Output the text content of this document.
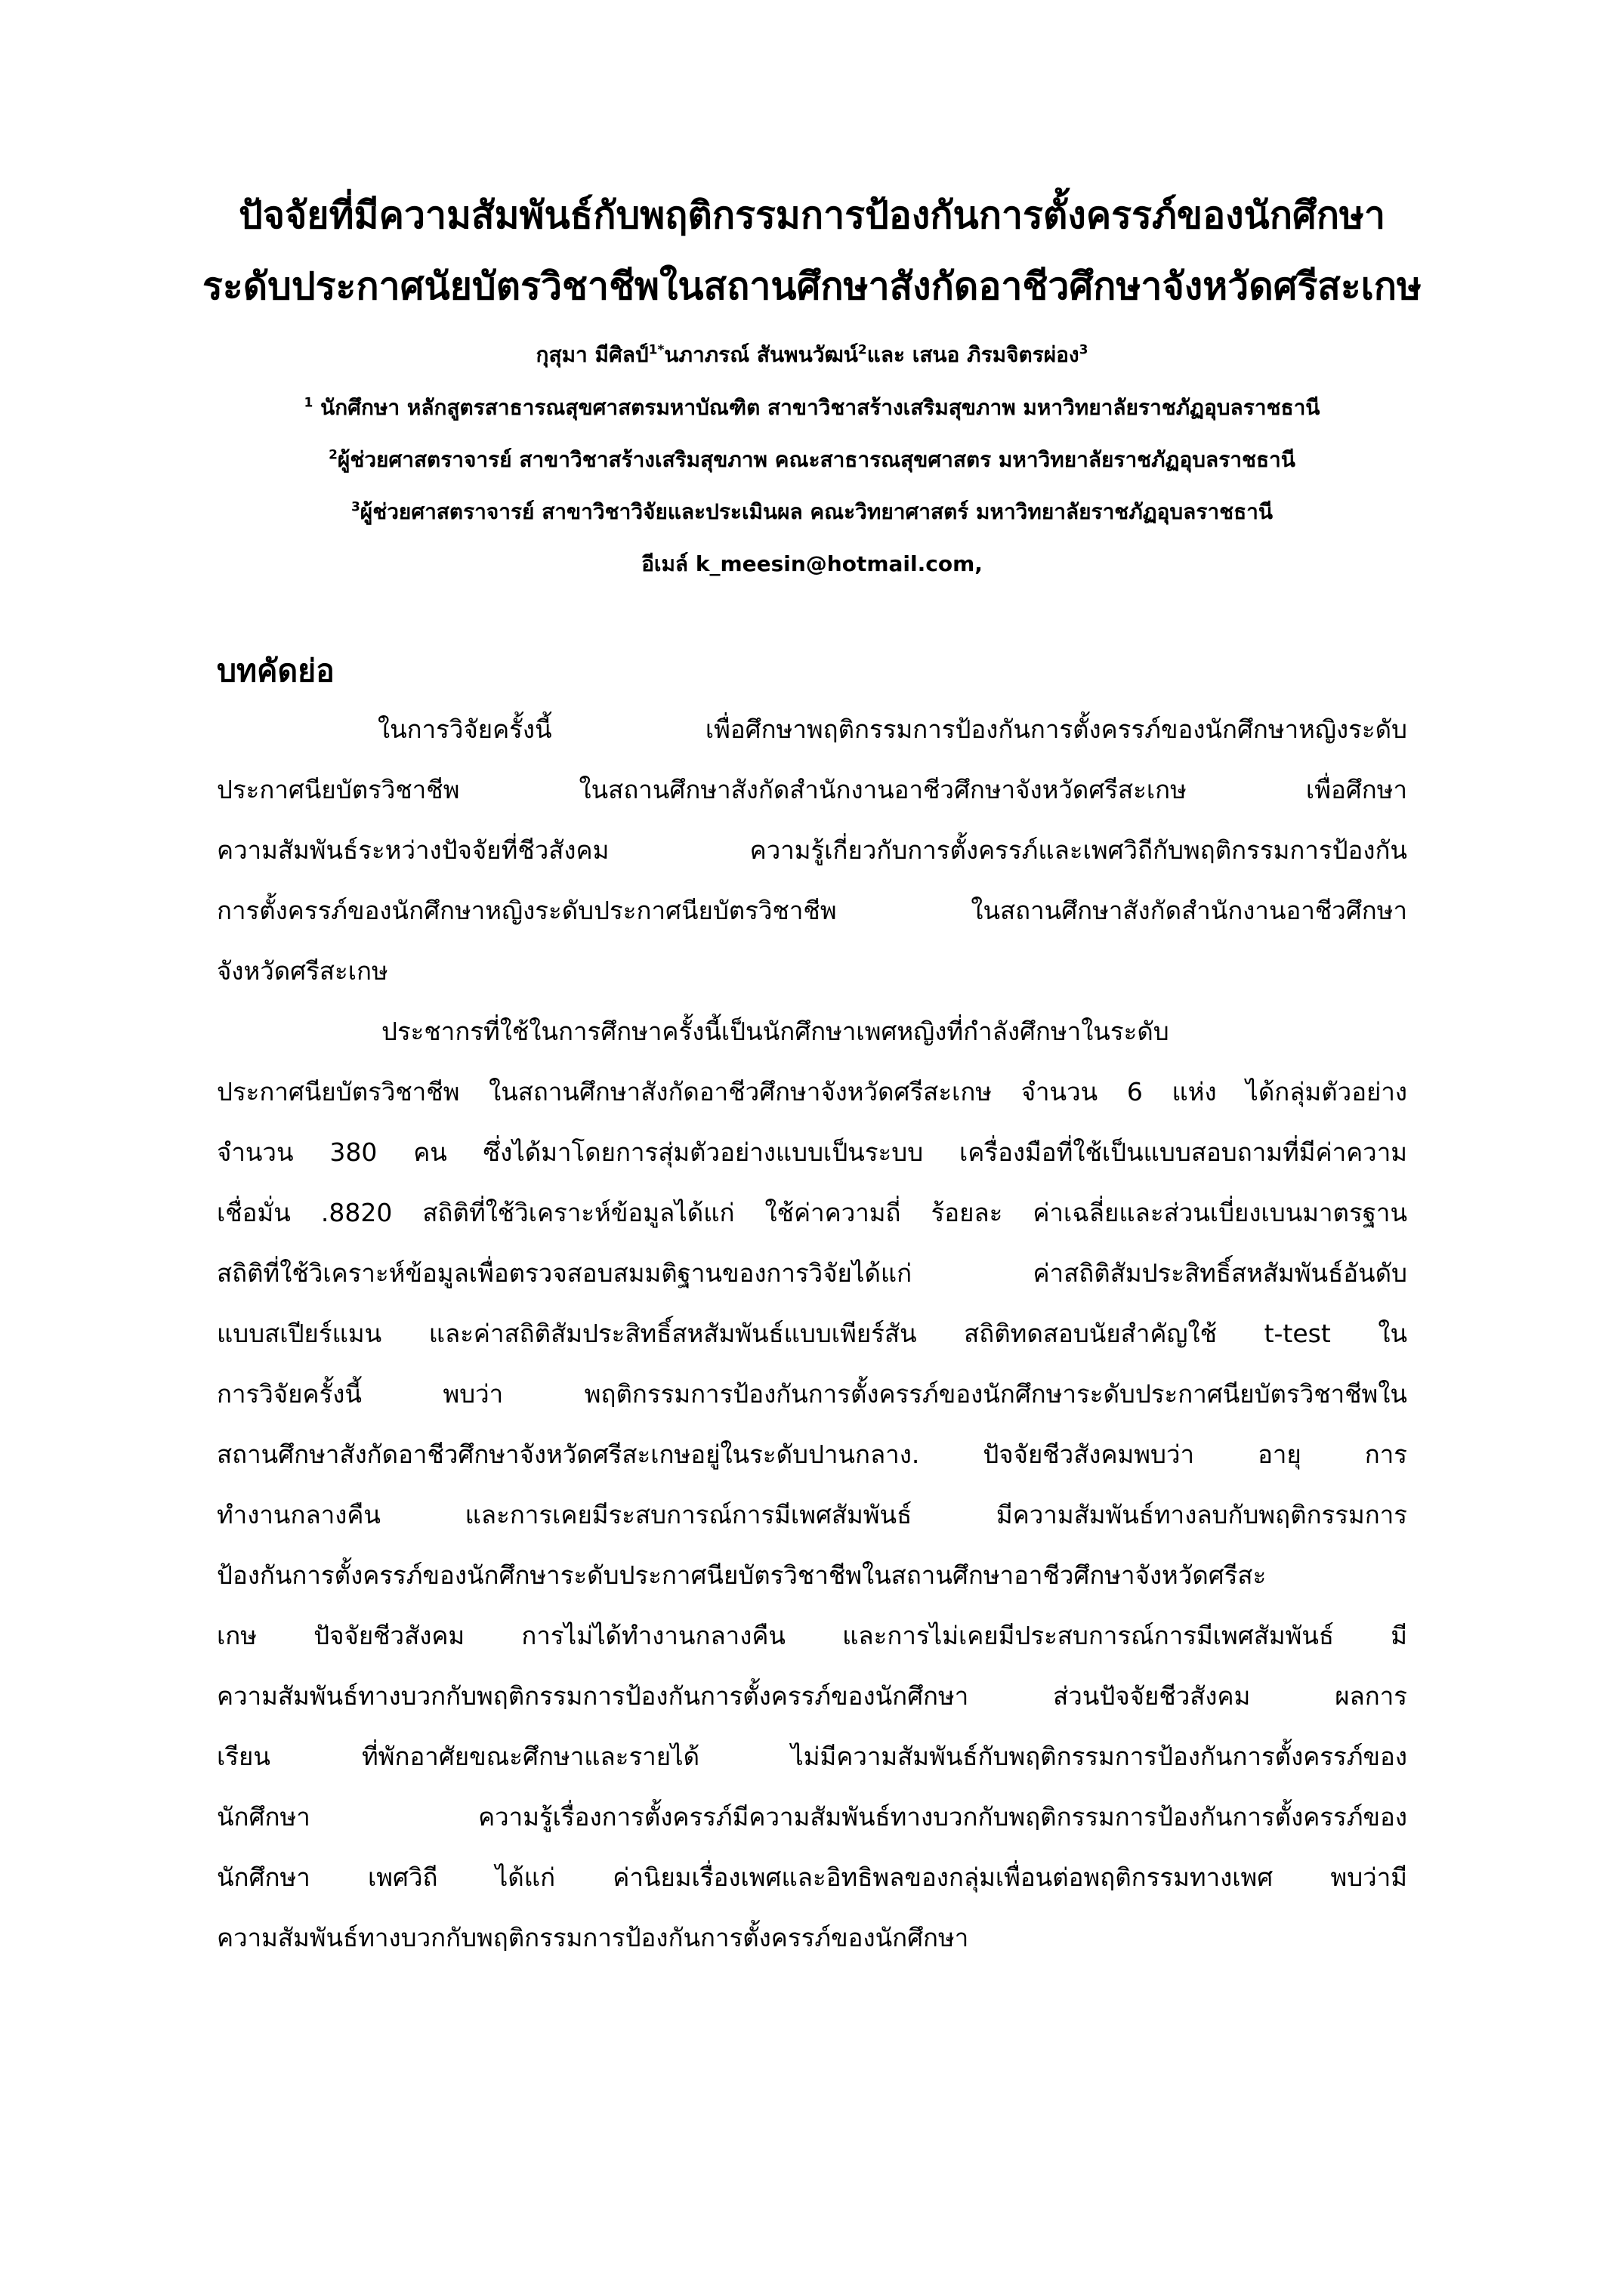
ปัจจัยที่มีความสัมพันธ์กับพฤติกรรมการป้องกันการตั้งครรภ์ของนักศึกษา
ระดับประกาศนัยบัตรวิชาชีพในสถานศึกษาสังกัดอาชีวศึกษาจังหวัดศรีสะเกษ
กุสุมา มีศิลป์$^{1*}$นภาภรณ์ สันพนวัฒน์$^2$และ เสนอ ภิรมจิตรผ่อง$^3$
$^1$ นักศึกษา หลักสูตรสาธารณสุขศาสตรมหาบัณฑิต สาขาวิชาสร้างเสริมสุขภาพ มหาวิทยาลัยราชภัฏอุบลราชธานี
$^2$ผู้ช่วยศาสตราจารย์ สาขาวิชาสร้างเสริมสุขภาพ คณะสาธารณสุขศาสตร มหาวิทยาลัยราชภัฏอุบลราชธานี
$^3$ผู้ช่วยศาสตราจารย์ สาขาวิชาวิจัยและประเมินผล คณะวิทยาศาสตร์ มหาวิทยาลัยราชภัฏอุบลราชธานี
อีเมล์ k_meesin@hotmail.com,
บทคัดย่อ
ในการวิจัยครั้งนี้ เพื่อศึกษาพฤติกรรมการป้องกันการตั้งครรภ์ของนักศึกษาหญิงระดับ
ประกาศนียบัตรวิชาชีพ ในสถานศึกษาสังกัดสำนักงานอาชีวศึกษาจังหวัดศรีสะเกษ เพื่อศึกษา
ความสัมพันธ์ระหว่างปัจจัยที่ชีวสังคม ความรู้เกี่ยวกับการตั้งครรภ์และเพศวิถีกับพฤติกรรมการป้องกัน
การตั้งครรภ์ของนักศึกษาหญิงระดับประกาศนียบัตรวิชาชีพ ในสถานศึกษาสังกัดสำนักงานอาชีวศึกษา
จังหวัดศรีสะเกษ
ประชากรที่ใช้ในการศึกษาครั้งนี้เป็นนักศึกษาเพศหญิงที่กำลังศึกษาในระดับ
ประกาศนียบัตรวิชาชีพ ในสถานศึกษาสังกัดอาชีวศึกษาจังหวัดศรีสะเกษ จำนวน 6 แห่ง ได้กลุ่มตัวอย่าง
จำนวน 380 คน ซึ่งได้มาโดยการสุ่มตัวอย่างแบบเป็นระบบ เครื่องมือที่ใช้เป็นแบบสอบถามที่มีค่าความ
เชื่อมั่น .8820 สถิติที่ใช้วิเคราะห์ข้อมูลได้แก่ ใช้ค่าความถี่ ร้อยละ ค่าเฉลี่ยและส่วนเบี่ยงเบนมาตรฐาน
สถิติที่ใช้วิเคราะห์ข้อมูลเพื่อตรวจสอบสมมติฐานของการวิจัยได้แก่ ค่าสถิติสัมประสิทธิ์สหสัมพันธ์อันดับ
แบบสเปียร์แมน และค่าสถิติสัมประสิทธิ์สหสัมพันธ์แบบเพียร์สัน สถิติทดสอบนัยสำคัญใช้ t-test ใน
การวิจัยครั้งนี้ พบว่า พฤติกรรมการป้องกันการตั้งครรภ์ของนักศึกษาระดับประกาศนียบัตรวิชาชีพใน
สถานศึกษาสังกัดอาชีวศึกษาจังหวัดศรีสะเกษอยู่ในระดับปานกลาง. ปัจจัยชีวสังคมพบว่า อายุ การ
ทำงานกลางคืน และการเคยมีระสบการณ์การมีเพศสัมพันธ์ มีความสัมพันธ์ทางลบกับพฤติกรรมการ
ป้องกันการตั้งครรภ์ของนักศึกษาระดับประกาศนียบัตรวิชาชีพในสถานศึกษาอาชีวศึกษาจังหวัดศรีสะ
เกษ ปัจจัยชีวสังคม การไม่ได้ทำงานกลางคืน และการไม่เคยมีประสบการณ์การมีเพศสัมพันธ์ มี
ความสัมพันธ์ทางบวกกับพฤติกรรมการป้องกันการตั้งครรภ์ของนักศึกษา ส่วนปัจจัยชีวสังคม ผลการ
เรียน ที่พักอาศัยขณะศึกษาและรายได้ ไม่มีความสัมพันธ์กับพฤติกรรมการป้องกันการตั้งครรภ์ของ
นักศึกษา ความรู้เรื่องการตั้งครรภ์มีความสัมพันธ์ทางบวกกับพฤติกรรมการป้องกันการตั้งครรภ์ของ
นักศึกษา เพศวิถี ได้แก่ ค่านิยมเรื่องเพศและอิทธิพลของกลุ่มเพื่อนต่อพฤติกรรมทางเพศ พบว่ามี
ความสัมพันธ์ทางบวกกับพฤติกรรมการป้องกันการตั้งครรภ์ของนักศึกษา
